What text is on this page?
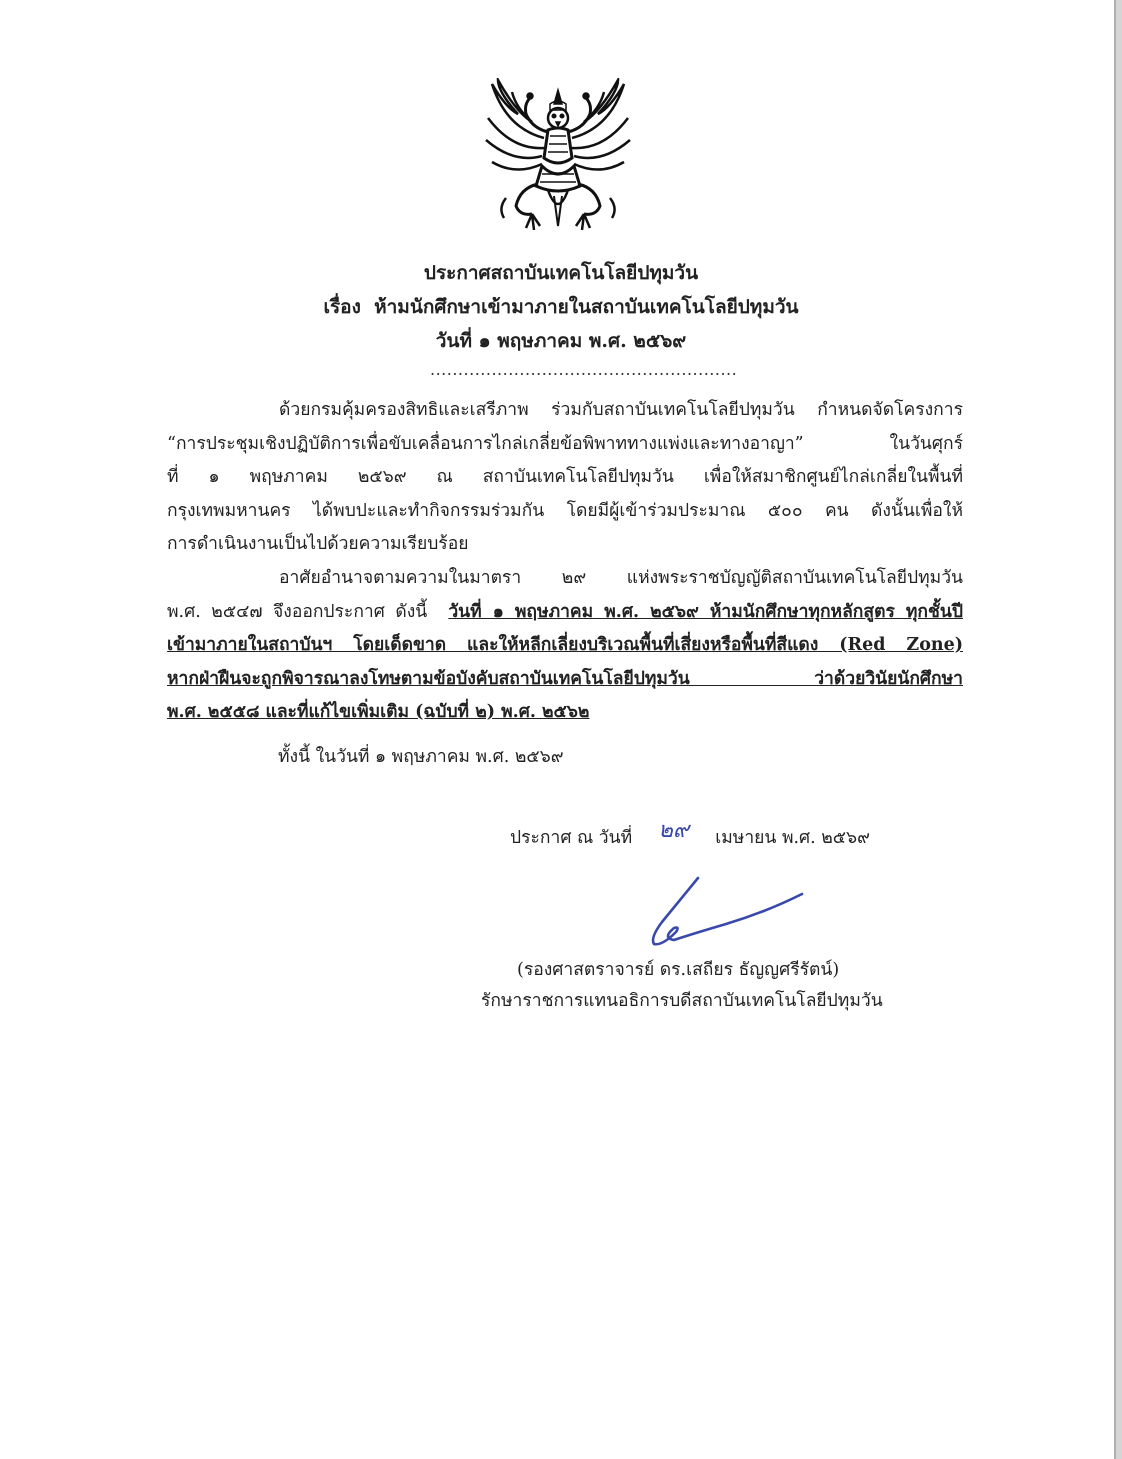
ประกาศสถาบันเทคโนโลยีปทุมวัน
เรื่อง ห้ามนักศึกษาเข้ามาภายในสถาบันเทคโนโลยีปทุมวัน
วันที่ ๑ พฤษภาคม พ.ศ. ๒๕๖๙
.......................................................
ด้วยกรมคุ้มครองสิทธิและเสรีภาพ ร่วมกับสถาบันเทคโนโลยีปทุมวัน กำหนดจัดโครงการ
“การประชุมเชิงปฏิบัติการเพื่อขับเคลื่อนการไกล่เกลี่ยข้อพิพาททางแพ่งและทางอาญา” ในวันศุกร์
ที่ ๑ พฤษภาคม ๒๕๖๙ ณ สถาบันเทคโนโลยีปทุมวัน เพื่อให้สมาชิกศูนย์ไกล่เกลี่ยในพื้นที่
กรุงเทพมหานคร ได้พบปะและทำกิจกรรมร่วมกัน โดยมีผู้เข้าร่วมประมาณ ๕๐๐ คน ดังนั้นเพื่อให้
การดำเนินงานเป็นไปด้วยความเรียบร้อย
อาศัยอำนาจตามความในมาตรา ๒๙ แห่งพระราชบัญญัติสถาบันเทคโนโลยีปทุมวัน
พ.ศ. ๒๕๔๗ จึงออกประกาศ ดังนี้ วันที่ ๑ พฤษภาคม พ.ศ. ๒๕๖๙ ห้ามนักศึกษาทุกหลักสูตร ทุกชั้นปี
เข้ามาภายในสถาบันฯ โดยเด็ดขาด และให้หลีกเลี่ยงบริเวณพื้นที่เสี่ยงหรือพื้นที่สีแดง (Red Zone)
หากฝ่าฝืนจะถูกพิจารณาลงโทษตามข้อบังคับสถาบันเทคโนโลยีปทุมวัน ว่าด้วยวินัยนักศึกษา
พ.ศ. ๒๕๕๘ และที่แก้ไขเพิ่มเติม (ฉบับที่ ๒) พ.ศ. ๒๕๖๒
ทั้งนี้ ในวันที่ ๑ พฤษภาคม พ.ศ. ๒๕๖๙
ประกาศ ณ วันที่ ๒๙ เมษายน พ.ศ. ๒๕๖๙
(รองศาสตราจารย์ ดร.เสถียร ธัญญศรีรัตน์)
รักษาราชการแทนอธิการบดีสถาบันเทคโนโลยีปทุมวัน
